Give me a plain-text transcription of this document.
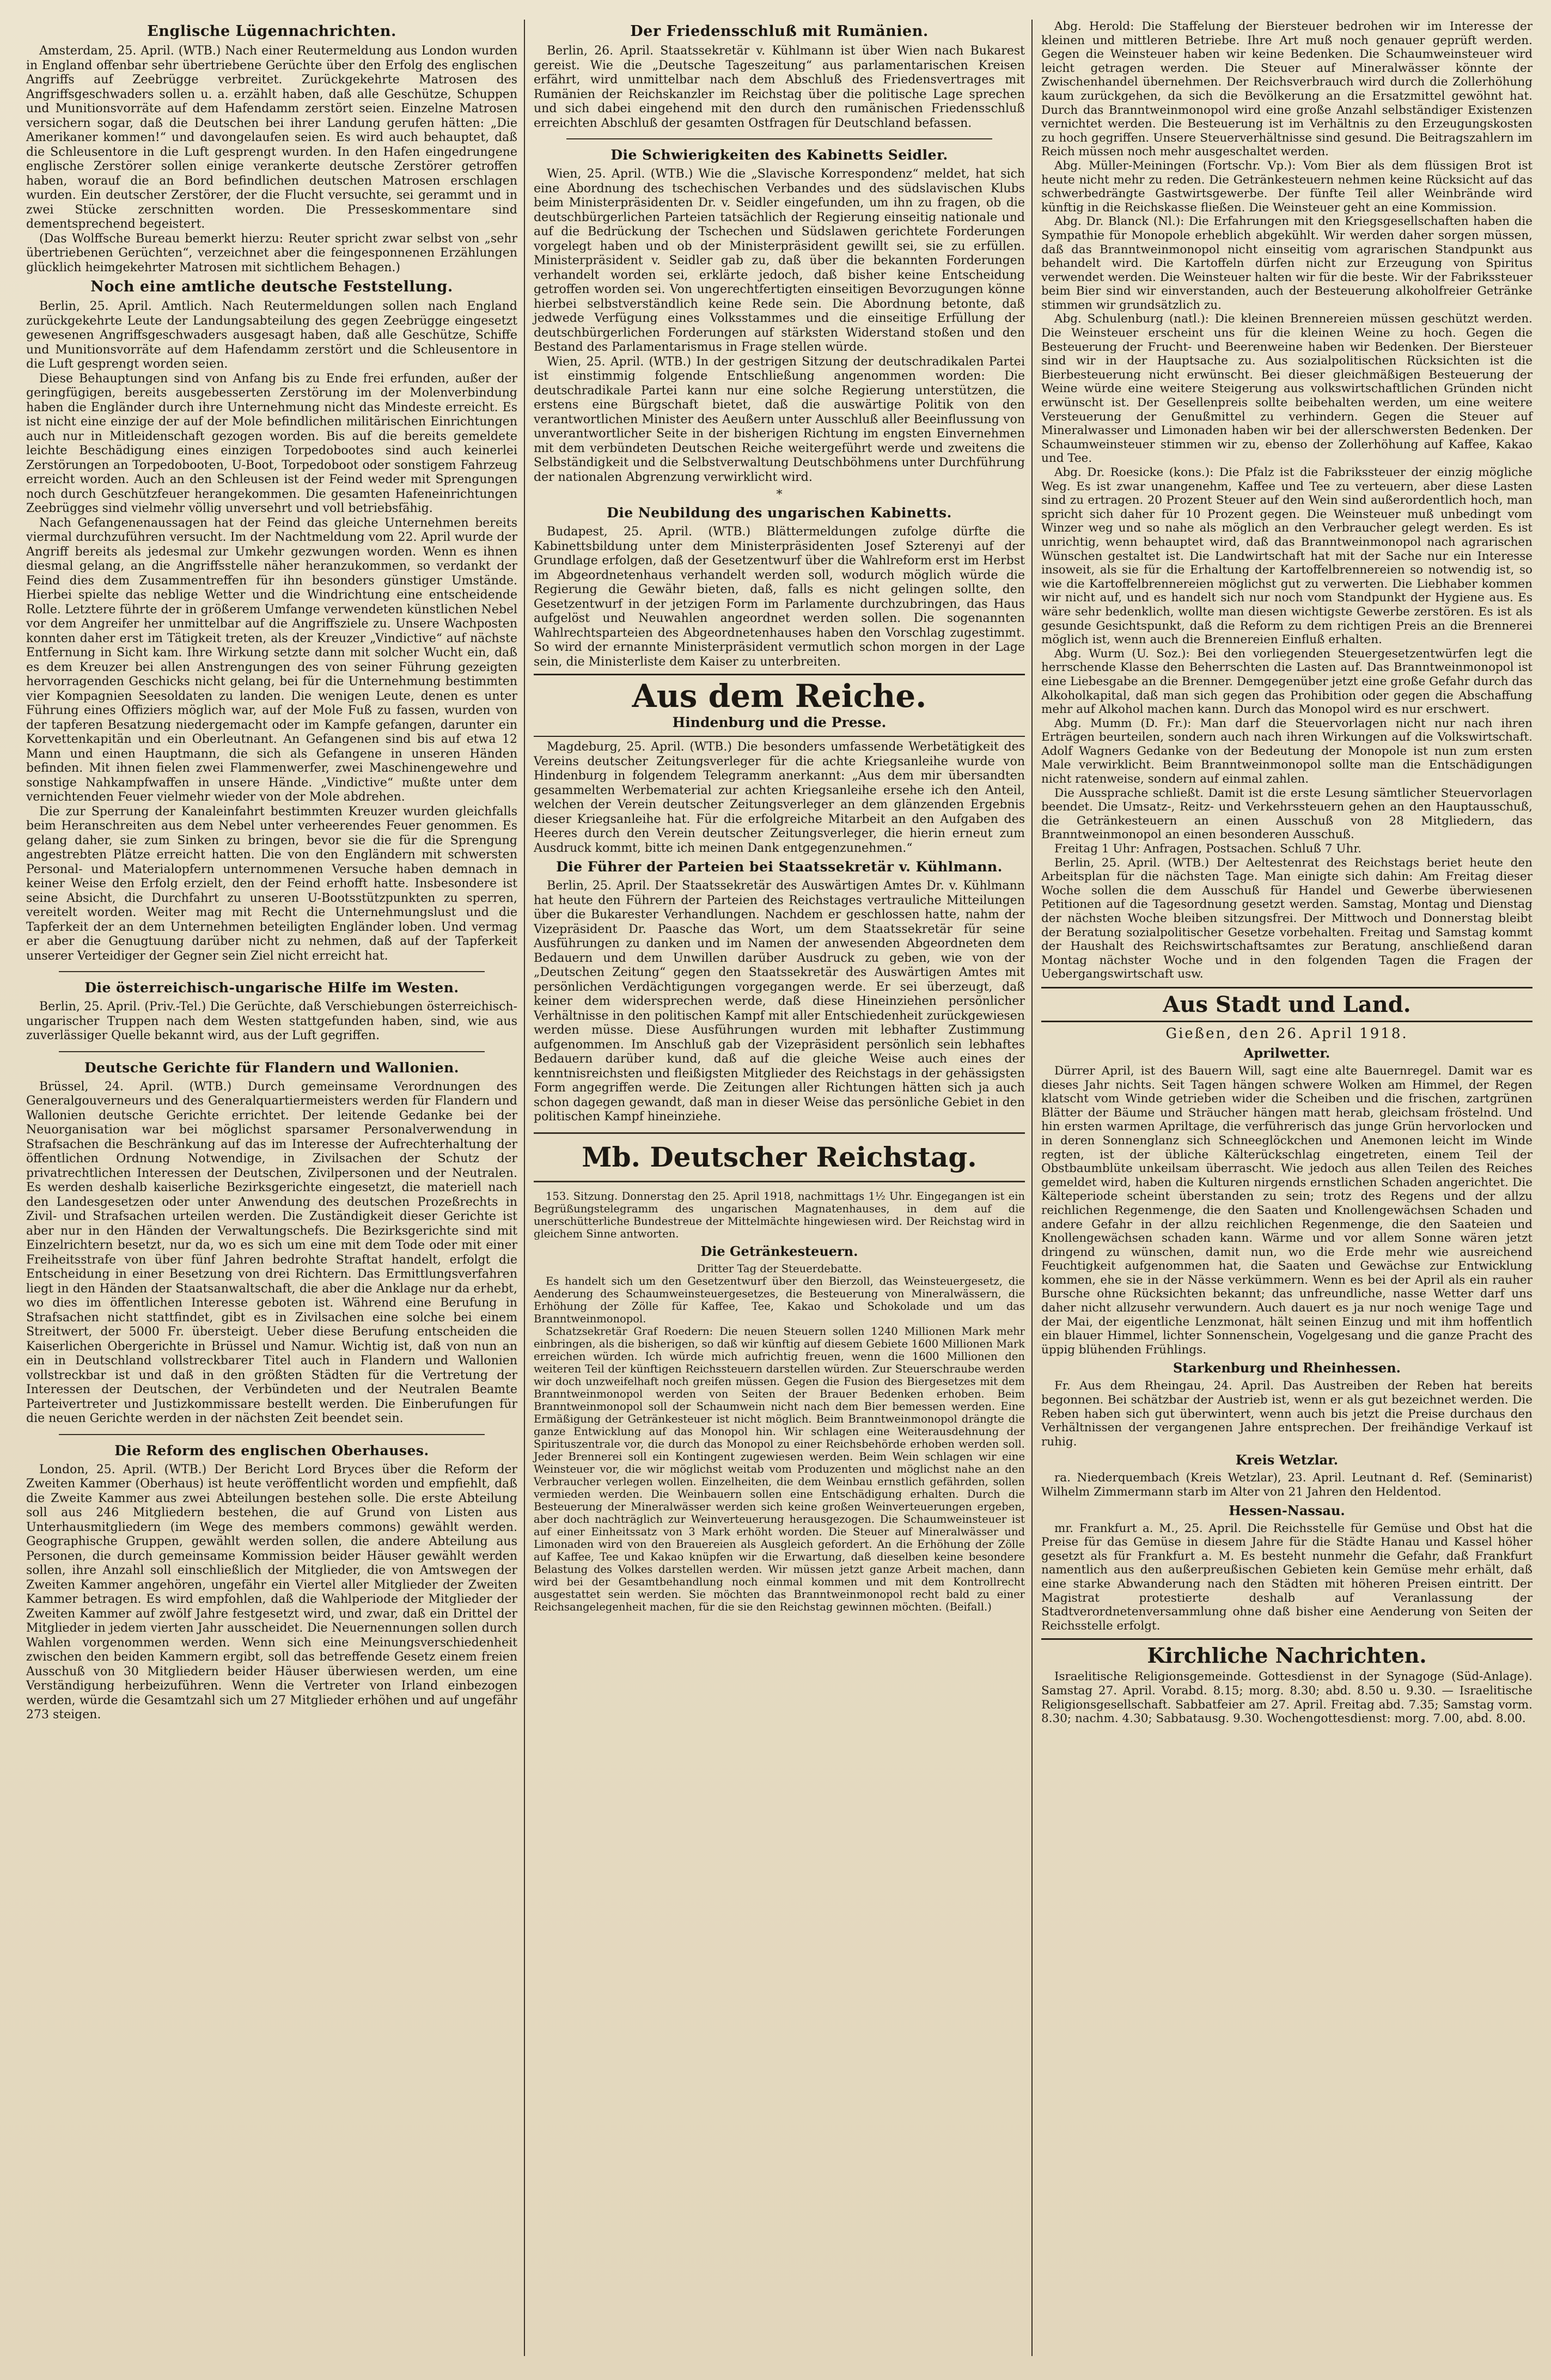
Englische Lügennachrichten.

Amsterdam, 25. April. (WTB.) Nach einer Reutermeldung aus London wurden in England offenbar sehr übertriebene Gerüchte über den Erfolg des englischen Angriffs auf Zeebrügge verbreitet. Zurückgekehrte Matrosen des Angriffsgeschwaders sollen u. a. erzählt haben, daß alle Geschütze, Schuppen und Munitionsvorräte auf dem Hafendamm zerstört seien. Einzelne Matrosen versichern sogar, daß die Deutschen bei ihrer Landung gerufen hätten: „Die Amerikaner kommen!“ und davongelaufen seien. Es wird auch behauptet, daß die Schleusentore in die Luft gesprengt wurden. In den Hafen eingedrungene englische Zerstörer sollen einige verankerte deutsche Zerstörer getroffen haben, worauf die an Bord befindlichen deutschen Matrosen erschlagen wurden. Ein deutscher Zerstörer, der die Flucht versuchte, sei gerammt und in zwei Stücke zerschnitten worden. Die Presseskommentare sind dementsprechend begeistert.

(Das Wolffsche Bureau bemerkt hierzu: Reuter spricht zwar selbst von „sehr übertriebenen Gerüchten“, verzeichnet aber die feingesponnenen Erzählungen glücklich heimgekehrter Matrosen mit sichtlichem Behagen.)

Noch eine amtliche deutsche Feststellung.

Berlin, 25. April. Amtlich. Nach Reutermeldungen sollen nach England zurückgekehrte Leute der Landungsabteilung des gegen Zeebrügge eingesetzt gewesenen Angriffsgeschwaders ausgesagt haben, daß alle Geschütze, Schiffe und Munitionsvorräte auf dem Hafendamm zerstört und die Schleusentore in die Luft gesprengt worden seien.

Diese Behauptungen sind von Anfang bis zu Ende frei erfunden, außer der geringfügigen, bereits ausgebesserten Zerstörung im der Molenverbindung haben die Engländer durch ihre Unternehmung nicht das Mindeste erreicht. Es ist nicht eine einzige der auf der Mole befindlichen militärischen Einrichtungen auch nur in Mitleidenschaft gezogen worden. Bis auf die bereits gemeldete leichte Beschädigung eines einzigen Torpedobootes sind auch keinerlei Zerstörungen an Torpedobooten, U-Boot, Torpedoboot oder sonstigem Fahrzeug erreicht worden. Auch an den Schleusen ist der Feind weder mit Sprengungen noch durch Geschützfeuer herangekommen. Die gesamten Hafeneinrichtungen Zeebrügges sind vielmehr völlig unversehrt und voll betriebsfähig.

Nach Gefangenenaussagen hat der Feind das gleiche Unternehmen bereits viermal durchzuführen versucht. Im der Nachtmeldung vom 22. April wurde der Angriff bereits als jedesmal zur Umkehr gezwungen worden. Wenn es ihnen diesmal gelang, an die Angriffsstelle näher heranzukommen, so verdankt der Feind dies dem Zusammentreffen für ihn besonders günstiger Umstände. Hierbei spielte das neblige Wetter und die Windrichtung eine entscheidende Rolle. Letztere führte der in größerem Umfange verwendeten künstlichen Nebel vor dem Angreifer her unmittelbar auf die Angriffsziele zu. Unsere Wachposten konnten daher erst im Tätigkeit treten, als der Kreuzer „Vindictive“ auf nächste Entfernung in Sicht kam. Ihre Wirkung setzte dann mit solcher Wucht ein, daß es dem Kreuzer bei allen Anstrengungen des von seiner Führung gezeigten hervorragenden Geschicks nicht gelang, bei für die Unternehmung bestimmten vier Kompagnien Seesoldaten zu landen. Die wenigen Leute, denen es unter Führung eines Offiziers möglich war, auf der Mole Fuß zu fassen, wurden von der tapferen Besatzung niedergemacht oder im Kampfe gefangen, darunter ein Korvettenkapitän und ein Oberleutnant. An Gefangenen sind bis auf etwa 12 Mann und einen Hauptmann, die sich als Gefangene in unseren Händen befinden. Mit ihnen fielen zwei Flammenwerfer, zwei Maschinengewehre und sonstige Nahkampfwaffen in unsere Hände. „Vindictive“ mußte unter dem vernichtenden Feuer vielmehr wieder von der Mole abdrehen.

Die zur Sperrung der Kanaleinfahrt bestimmten Kreuzer wurden gleichfalls beim Heranschreiten aus dem Nebel unter verheerendes Feuer genommen. Es gelang daher, sie zum Sinken zu bringen, bevor sie die für die Sprengung angestrebten Plätze erreicht hatten. Die von den Engländern mit schwersten Personal- und Materialopfern unternommenen Versuche haben demnach in keiner Weise den Erfolg erzielt, den der Feind erhofft hatte. Insbesondere ist seine Absicht, die Durchfahrt zu unseren U-Bootsstützpunkten zu sperren, vereitelt worden. Weiter mag mit Recht die Unternehmungslust und die Tapferkeit der an dem Unternehmen beteiligten Engländer loben. Und vermag er aber die Genugtuung darüber nicht zu nehmen, daß auf der Tapferkeit unserer Verteidiger der Gegner sein Ziel nicht erreicht hat.

Die österreichisch-ungarische Hilfe im Westen.

Berlin, 25. April. (Priv.-Tel.) Die Gerüchte, daß Verschiebungen österreichisch-ungarischer Truppen nach dem Westen stattgefunden haben, sind, wie aus zuverlässiger Quelle bekannt wird, aus der Luft gegriffen.

Deutsche Gerichte für Flandern und Wallonien.

Brüssel, 24. April. (WTB.) Durch gemeinsame Verordnungen des Generalgouverneurs und des Generalquartiermeisters werden für Flandern und Wallonien deutsche Gerichte errichtet. Der leitende Gedanke bei der Neuorganisation war bei möglichst sparsamer Personalverwendung in Strafsachen die Beschränkung auf das im Interesse der Aufrechterhaltung der öffentlichen Ordnung Notwendige, in Zivilsachen der Schutz der privatrechtlichen Interessen der Deutschen, Zivilpersonen und der Neutralen. Es werden deshalb kaiserliche Bezirksgerichte eingesetzt, die materiell nach den Landesgesetzen oder unter Anwendung des deutschen Prozeßrechts in Zivil- und Strafsachen urteilen werden. Die Zuständigkeit dieser Gerichte ist aber nur in den Händen der Verwaltungschefs. Die Bezirksgerichte sind mit Einzelrichtern besetzt, nur da, wo es sich um eine mit dem Tode oder mit einer Freiheitsstrafe von über fünf Jahren bedrohte Straftat handelt, erfolgt die Entscheidung in einer Besetzung von drei Richtern. Das Ermittlungsverfahren liegt in den Händen der Staatsanwaltschaft, die aber die Anklage nur da erhebt, wo dies im öffentlichen Interesse geboten ist. Während eine Berufung in Strafsachen nicht stattfindet, gibt es in Zivilsachen eine solche bei einem Streitwert, der 5000 Fr. übersteigt. Ueber diese Berufung entscheiden die Kaiserlichen Obergerichte in Brüssel und Namur. Wichtig ist, daß von nun an ein in Deutschland vollstreckbarer Titel auch in Flandern und Wallonien vollstreckbar ist und daß in den größten Städten für die Vertretung der Interessen der Deutschen, der Verbündeten und der Neutralen Beamte Parteivertreter und Justizkommissare bestellt werden. Die Einberufungen für die neuen Gerichte werden in der nächsten Zeit beendet sein.

Die Reform des englischen Oberhauses.

London, 25. April. (WTB.) Der Bericht Lord Bryces über die Reform der Zweiten Kammer (Oberhaus) ist heute veröffentlicht worden und empfiehlt, daß die Zweite Kammer aus zwei Abteilungen bestehen solle. Die erste Abteilung soll aus 246 Mitgliedern bestehen, die auf Grund von Listen aus Unterhausmitgliedern (im Wege des members commons) gewählt werden. Geographische Gruppen, gewählt werden sollen, die andere Abteilung aus Personen, die durch gemeinsame Kommission beider Häuser gewählt werden sollen, ihre Anzahl soll einschließlich der Mitglieder, die von Amtswegen der Zweiten Kammer angehören, ungefähr ein Viertel aller Mitglieder der Zweiten Kammer betragen. Es wird empfohlen, daß die Wahlperiode der Mitglieder der Zweiten Kammer auf zwölf Jahre festgesetzt wird, und zwar, daß ein Drittel der Mitglieder in jedem vierten Jahr ausscheidet. Die Neuernennungen sollen durch Wahlen vorgenommen werden. Wenn sich eine Meinungsverschiedenheit zwischen den beiden Kammern ergibt, soll das betreffende Gesetz einem freien Ausschuß von 30 Mitgliedern beider Häuser überwiesen werden, um eine Verständigung herbeizuführen. Wenn die Vertreter von Irland einbezogen werden, würde die Gesamtzahl sich um 27 Mitglieder erhöhen und auf ungefähr 273 steigen.

Der Friedensschluß mit Rumänien.

Berlin, 26. April. Staatssekretär v. Kühlmann ist über Wien nach Bukarest gereist. Wie die „Deutsche Tageszeitung“ aus parlamentarischen Kreisen erfährt, wird unmittelbar nach dem Abschluß des Friedensvertrages mit Rumänien der Reichskanzler im Reichstag über die politische Lage sprechen und sich dabei eingehend mit den durch den rumänischen Friedensschluß erreichten Abschluß der gesamten Ostfragen für Deutschland befassen.

Die Schwierigkeiten des Kabinetts Seidler.

Wien, 25. April. (WTB.) Wie die „Slavische Korrespondenz“ meldet, hat sich eine Abordnung des tschechischen Verbandes und des südslavischen Klubs beim Ministerpräsidenten Dr. v. Seidler eingefunden, um ihn zu fragen, ob die deutschbürgerlichen Parteien tatsächlich der Regierung einseitig nationale und auf die Bedrückung der Tschechen und Südslawen gerichtete Forderungen vorgelegt haben und ob der Ministerpräsident gewillt sei, sie zu erfüllen. Ministerpräsident v. Seidler gab zu, daß über die bekannten Forderungen verhandelt worden sei, erklärte jedoch, daß bisher keine Entscheidung getroffen worden sei. Von ungerechtfertigten einseitigen Bevorzugungen könne hierbei selbstverständlich keine Rede sein. Die Abordnung betonte, daß jedwede Verfügung eines Volksstammes und die einseitige Erfüllung der deutschbürgerlichen Forderungen auf stärksten Widerstand stoßen und den Bestand des Parlamentarismus in Frage stellen würde.

Wien, 25. April. (WTB.) In der gestrigen Sitzung der deutschradikalen Partei ist einstimmig folgende Entschließung angenommen worden: Die deutschradikale Partei kann nur eine solche Regierung unterstützen, die erstens eine Bürgschaft bietet, daß die auswärtige Politik von den verantwortlichen Minister des Aeußern unter Ausschluß aller Beeinflussung von unverantwortlicher Seite in der bisherigen Richtung im engsten Einvernehmen mit dem verbündeten Deutschen Reiche weitergeführt werde und zweitens die Selbständigkeit und die Selbstverwaltung Deutschböhmens unter Durchführung der nationalen Abgrenzung verwirklicht wird.

*
Die Neubildung des ungarischen Kabinetts.

Budapest, 25. April. (WTB.) Blättermeldungen zufolge dürfte die Kabinettsbildung unter dem Ministerpräsidenten Josef Szterenyi auf der Grundlage erfolgen, daß der Gesetzentwurf über die Wahlreform erst im Herbst im Abgeordnetenhaus verhandelt werden soll, wodurch möglich würde die Regierung die Gewähr bieten, daß, falls es nicht gelingen sollte, den Gesetzentwurf in der jetzigen Form im Parlamente durchzubringen, das Haus aufgelöst und Neuwahlen angeordnet werden sollen. Die sogenannten Wahlrechtsparteien des Abgeordnetenhauses haben den Vorschlag zugestimmt. So wird der ernannte Ministerpräsident vermutlich schon morgen in der Lage sein, die Ministerliste dem Kaiser zu unterbreiten.

Aus dem Reiche.
Hindenburg und die Presse.

Magdeburg, 25. April. (WTB.) Die besonders umfassende Werbetätigkeit des Vereins deutscher Zeitungsverleger für die achte Kriegsanleihe wurde von Hindenburg in folgendem Telegramm anerkannt: „Aus dem mir übersandten gesammelten Werbematerial zur achten Kriegsanleihe ersehe ich den Anteil, welchen der Verein deutscher Zeitungsverleger an dem glänzenden Ergebnis dieser Kriegsanleihe hat. Für die erfolgreiche Mitarbeit an den Aufgaben des Heeres durch den Verein deutscher Zeitungsverleger, die hierin erneut zum Ausdruck kommt, bitte ich meinen Dank entgegenzunehmen.“

Die Führer der Parteien bei Staatssekretär v. Kühlmann.

Berlin, 25. April. Der Staatssekretär des Auswärtigen Amtes Dr. v. Kühlmann hat heute den Führern der Parteien des Reichstages vertrauliche Mitteilungen über die Bukarester Verhandlungen. Nachdem er geschlossen hatte, nahm der Vizepräsident Dr. Paasche das Wort, um dem Staatssekretär für seine Ausführungen zu danken und im Namen der anwesenden Abgeordneten dem Bedauern und dem Unwillen darüber Ausdruck zu geben, wie von der „Deutschen Zeitung“ gegen den Staatssekretär des Auswärtigen Amtes mit persönlichen Verdächtigungen vorgegangen werde. Er sei überzeugt, daß keiner dem widersprechen werde, daß diese Hineinziehen persönlicher Verhältnisse in den politischen Kampf mit aller Entschiedenheit zurückgewiesen werden müsse. Diese Ausführungen wurden mit lebhafter Zustimmung aufgenommen. Im Anschluß gab der Vizepräsident persönlich sein lebhaftes Bedauern darüber kund, daß auf die gleiche Weise auch eines der kenntnisreichsten und fleißigsten Mitglieder des Reichstags in der gehässigsten Form angegriffen werde. Die Zeitungen aller Richtungen hätten sich ja auch schon dagegen gewandt, daß man in dieser Weise das persönliche Gebiet in den politischen Kampf hineinziehe.

Mb. Deutscher Reichstag.

153. Sitzung. Donnerstag den 25. April 1918, nachmittags 1½ Uhr. Eingegangen ist ein Begrüßungstelegramm des ungarischen Magnatenhauses, in dem auf die unerschütterliche Bundestreue der Mittelmächte hingewiesen wird. Der Reichstag wird in gleichem Sinne antworten.

Die Getränkesteuern.
Dritter Tag der Steuerdebatte.

Es handelt sich um den Gesetzentwurf über den Bierzoll, das Weinsteuergesetz, die Aenderung des Schaumweinsteuergesetzes, die Besteuerung von Mineralwässern, die Erhöhung der Zölle für Kaffee, Tee, Kakao und Schokolade und um das Branntweinmonopol.

Schatzsekretär Graf Roedern: Die neuen Steuern sollen 1240 Millionen Mark mehr einbringen, als die bisherigen, so daß wir künftig auf diesem Gebiete 1600 Millionen Mark erreichen würden. Ich würde mich aufrichtig freuen, wenn die 1600 Millionen den weiteren Teil der künftigen Reichssteuern darstellen würden. Zur Steuerschraube werden wir doch unzweifelhaft noch greifen müssen. Gegen die Fusion des Biergesetzes mit dem Branntweinmonopol werden von Seiten der Brauer Bedenken erhoben. Beim Branntweinmonopol soll der Schaumwein nicht nach dem Bier bemessen werden. Eine Ermäßigung der Getränkesteuer ist nicht möglich. Beim Branntweinmonopol drängte die ganze Entwicklung auf das Monopol hin. Wir schlagen eine Weiterausdehnung der Spirituszentrale vor, die durch das Monopol zu einer Reichsbehörde erhoben werden soll. Jeder Brennerei soll ein Kontingent zugewiesen werden. Beim Wein schlagen wir eine Weinsteuer vor, die wir möglichst weitab vom Produzenten und möglichst nahe an den Verbraucher verlegen wollen. Einzelheiten, die dem Weinbau ernstlich gefährden, sollen vermieden werden. Die Weinbauern sollen eine Entschädigung erhalten. Durch die Besteuerung der Mineralwässer werden sich keine großen Weinverteuerungen ergeben, aber doch nachträglich zur Weinverteuerung herausgezogen. Die Schaumweinsteuer ist auf einer Einheitssatz von 3 Mark erhöht worden. Die Steuer auf Mineralwässer und Limonaden wird von den Brauereien als Ausgleich gefordert. An die Erhöhung der Zölle auf Kaffee, Tee und Kakao knüpfen wir die Erwartung, daß dieselben keine besondere Belastung des Volkes darstellen werden. Wir müssen jetzt ganze Arbeit machen, dann wird bei der Gesamtbehandlung noch einmal kommen und mit dem Kontrollrecht ausgestattet sein werden. Sie möchten das Branntweinmonopol recht bald zu einer Reichsangelegenheit machen, für die sie den Reichstag gewinnen möchten. (Beifall.)

Abg. Herold: Die Staffelung der Biersteuer bedrohen wir im Interesse der kleinen und mittleren Betriebe. Ihre Art muß noch genauer geprüft werden. Gegen die Weinsteuer haben wir keine Bedenken. Die Schaumweinsteuer wird leicht getragen werden. Die Steuer auf Mineralwässer könnte der Zwischenhandel übernehmen. Der Reichsverbrauch wird durch die Zollerhöhung kaum zurückgehen, da sich die Bevölkerung an die Ersatzmittel gewöhnt hat. Durch das Branntweinmonopol wird eine große Anzahl selbständiger Existenzen vernichtet werden. Die Besteuerung ist im Verhältnis zu den Erzeugungskosten zu hoch gegriffen. Unsere Steuerverhältnisse sind gesund. Die Beitragszahlern im Reich müssen noch mehr ausgeschaltet werden.

Abg. Müller-Meiningen (Fortschr. Vp.): Vom Bier als dem flüssigen Brot ist heute nicht mehr zu reden. Die Getränkesteuern nehmen keine Rücksicht auf das schwerbedrängte Gastwirtsgewerbe. Der fünfte Teil aller Weinbrände wird künftig in die Reichskasse fließen. Die Weinsteuer geht an eine Kommission.

Abg. Dr. Blanck (Nl.): Die Erfahrungen mit den Kriegsgesellschaften haben die Sympathie für Monopole erheblich abgekühlt. Wir werden daher sorgen müssen, daß das Branntweinmonopol nicht einseitig vom agrarischen Standpunkt aus behandelt wird. Die Kartoffeln dürfen nicht zur Erzeugung von Spiritus verwendet werden. Die Weinsteuer halten wir für die beste. Wir der Fabrikssteuer beim Bier sind wir einverstanden, auch der Besteuerung alkoholfreier Getränke stimmen wir grundsätzlich zu.

Abg. Schulenburg (natl.): Die kleinen Brennereien müssen geschützt werden. Die Weinsteuer erscheint uns für die kleinen Weine zu hoch. Gegen die Besteuerung der Frucht- und Beerenweine haben wir Bedenken. Der Biersteuer sind wir in der Hauptsache zu. Aus sozialpolitischen Rücksichten ist die Bierbesteuerung nicht erwünscht. Bei dieser gleichmäßigen Besteuerung der Weine würde eine weitere Steigerung aus volkswirtschaftlichen Gründen nicht erwünscht ist. Der Gesellenpreis sollte beibehalten werden, um eine weitere Versteuerung der Genußmittel zu verhindern. Gegen die Steuer auf Mineralwasser und Limonaden haben wir bei der allerschwersten Bedenken. Der Schaumweinsteuer stimmen wir zu, ebenso der Zollerhöhung auf Kaffee, Kakao und Tee.

Abg. Dr. Roesicke (kons.): Die Pfalz ist die Fabrikssteuer der einzig mögliche Weg. Es ist zwar unangenehm, Kaffee und Tee zu verteuern, aber diese Lasten sind zu ertragen. 20 Prozent Steuer auf den Wein sind außerordentlich hoch, man spricht sich daher für 10 Prozent gegen. Die Weinsteuer muß unbedingt vom Winzer weg und so nahe als möglich an den Verbraucher gelegt werden. Es ist unrichtig, wenn behauptet wird, daß das Branntweinmonopol nach agrarischen Wünschen gestaltet ist. Die Landwirtschaft hat mit der Sache nur ein Interesse insoweit, als sie für die Erhaltung der Kartoffelbrennereien so notwendig ist, so wie die Kartoffelbrennereien möglichst gut zu verwerten. Die Liebhaber kommen wir nicht auf, und es handelt sich nur noch vom Standpunkt der Hygiene aus. Es wäre sehr bedenklich, wollte man diesen wichtigste Gewerbe zerstören. Es ist als gesunde Gesichtspunkt, daß die Reform zu dem richtigen Preis an die Brennerei möglich ist, wenn auch die Brennereien Einfluß erhalten.

Abg. Wurm (U. Soz.): Bei den vorliegenden Steuergesetzentwürfen legt die herrschende Klasse den Beherrschten die Lasten auf. Das Branntweinmonopol ist eine Liebesgabe an die Brenner. Demgegenüber jetzt eine große Gefahr durch das Alkoholkapital, daß man sich gegen das Prohibition oder gegen die Abschaffung mehr auf Alkohol machen kann. Durch das Monopol wird es nur erschwert.

Abg. Mumm (D. Fr.): Man darf die Steuervorlagen nicht nur nach ihren Erträgen beurteilen, sondern auch nach ihren Wirkungen auf die Volkswirtschaft. Adolf Wagners Gedanke von der Bedeutung der Monopole ist nun zum ersten Male verwirklicht. Beim Branntweinmonopol sollte man die Entschädigungen nicht ratenweise, sondern auf einmal zahlen.

Die Aussprache schließt. Damit ist die erste Lesung sämtlicher Steuervorlagen beendet. Die Umsatz-, Reitz- und Verkehrssteuern gehen an den Hauptausschuß, die Getränkesteuern an einen Ausschuß von 28 Mitgliedern, das Branntweinmonopol an einen besonderen Ausschuß.

Freitag 1 Uhr: Anfragen, Postsachen. Schluß 7 Uhr.

Berlin, 25. April. (WTB.) Der Aeltestenrat des Reichstags beriet heute den Arbeitsplan für die nächsten Tage. Man einigte sich dahin: Am Freitag dieser Woche sollen die dem Ausschuß für Handel und Gewerbe überwiesenen Petitionen auf die Tagesordnung gesetzt werden. Samstag, Montag und Dienstag der nächsten Woche bleiben sitzungsfrei. Der Mittwoch und Donnerstag bleibt der Beratung sozialpolitischer Gesetze vorbehalten. Freitag und Samstag kommt der Haushalt des Reichswirtschaftsamtes zur Beratung, anschließend daran Montag nächster Woche und in den folgenden Tagen die Fragen der Uebergangswirtschaft usw.

Aus Stadt und Land.
Gießen, den 26. April 1918.
Aprilwetter.

Dürrer April, ist des Bauern Will, sagt eine alte Bauernregel. Damit war es dieses Jahr nichts. Seit Tagen hängen schwere Wolken am Himmel, der Regen klatscht vom Winde getrieben wider die Scheiben und die frischen, zartgrünen Blätter der Bäume und Sträucher hängen matt herab, gleichsam fröstelnd. Und hin ersten warmen Apriltage, die verführerisch das junge Grün hervorlocken und in deren Sonnenglanz sich Schneeglöckchen und Anemonen leicht im Winde regten, ist der übliche Kälterückschlag eingetreten, einem Teil der Obstbaumblüte unkeilsam überrascht. Wie jedoch aus allen Teilen des Reiches gemeldet wird, haben die Kulturen nirgends ernstlichen Schaden angerichtet. Die Kälteperiode scheint überstanden zu sein; trotz des Regens und der allzu reichlichen Regenmenge, die den Saaten und Knollengewächsen Schaden und andere Gefahr in der allzu reichlichen Regenmenge, die den Saateien und Knollengewächsen schaden kann. Wärme und vor allem Sonne wären jetzt dringend zu wünschen, damit nun, wo die Erde mehr wie ausreichend Feuchtigkeit aufgenommen hat, die Saaten und Gewächse zur Entwicklung kommen, ehe sie in der Nässe verkümmern. Wenn es bei der April als ein rauher Bursche ohne Rücksichten bekannt; das unfreundliche, nasse Wetter darf uns daher nicht allzusehr verwundern. Auch dauert es ja nur noch wenige Tage und der Mai, der eigentliche Lenzmonat, hält seinen Einzug und mit ihm hoffentlich ein blauer Himmel, lichter Sonnenschein, Vogelgesang und die ganze Pracht des üppig blühenden Frühlings.

Starkenburg und Rheinhessen.

Fr. Aus dem Rheingau, 24. April. Das Austreiben der Reben hat bereits begonnen. Bei schätzbar der Austrieb ist, wenn er als gut bezeichnet werden. Die Reben haben sich gut überwintert, wenn auch bis jetzt die Preise durchaus den Verhältnissen der vergangenen Jahre entsprechen. Der freihändige Verkauf ist ruhig.

Kreis Wetzlar.

ra. Niederquembach (Kreis Wetzlar), 23. April. Leutnant d. Ref. (Seminarist) Wilhelm Zimmermann starb im Alter von 21 Jahren den Heldentod.

Hessen-Nassau.

mr. Frankfurt a. M., 25. April. Die Reichsstelle für Gemüse und Obst hat die Preise für das Gemüse in diesem Jahre für die Städte Hanau und Kassel höher gesetzt als für Frankfurt a. M. Es besteht nunmehr die Gefahr, daß Frankfurt namentlich aus den außerpreußischen Gebieten kein Gemüse mehr erhält, daß eine starke Abwanderung nach den Städten mit höheren Preisen eintritt. Der Magistrat protestierte deshalb auf Veranlassung der Stadtverordnetenversammlung ohne daß bisher eine Aenderung von Seiten der Reichsstelle erfolgt.

Kirchliche Nachrichten.

Israelitische Religionsgemeinde. Gottesdienst in der Synagoge (Süd-Anlage). Samstag 27. April. Vorabd. 8.15; morg. 8.30; abd. 8.50 u. 9.30. — Israelitische Religionsgesellschaft. Sabbatfeier am 27. April. Freitag abd. 7.35; Samstag vorm. 8.30; nachm. 4.30; Sabbatausg. 9.30. Wochengottesdienst: morg. 7.00, abd. 8.00.
